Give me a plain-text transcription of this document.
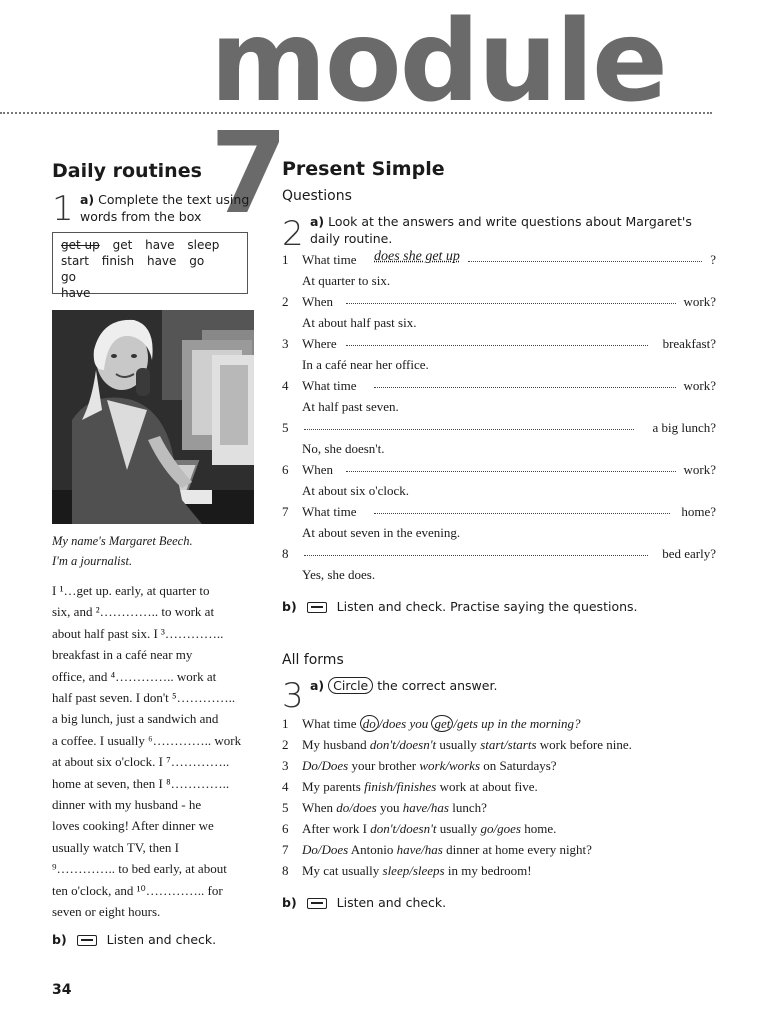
module 7
Daily routines
1 a) Complete the text using words from the box
get up get have sleep
start finish have go go
have
My name's Margaret Beech.
I'm a journalist.
I ¹…get up. early, at quarter to
six, and ²………….. to work at
about half past six. I ³…………..
breakfast in a café near my
office, and ⁴………….. work at
half past seven. I don't ⁵…………..
a big lunch, just a sandwich and
a coffee. I usually ⁶………….. work
at about six o'clock. I ⁷…………..
home at seven, then I ⁸…………..
dinner with my husband - he
loves cooking! After dinner we
usually watch TV, then I
⁹………….. to bed early, at about
ten o'clock, and ¹⁰………….. for
seven or eight hours.
b)	Listen and check.
34
Present Simple
Questions
2 a) Look at the answers and write questions about Margaret's daily routine.
1	What time does she get up	?
At quarter to six.
2	When	work?
At about half past six.
3	Where	breakfast?
In a café near her office.
4	What time	work?
At half past seven.
5	a big lunch?
No, she doesn't.
6	When	work?
At about six o'clock.
7	What time	home?
At about seven in the evening.
8	bed early?
Yes, she does.
b)	Listen and check. Practise saying the questions.
All forms
3 a) Circle the correct answer.
1 What time do /does you get /gets up in the morning?
2 My husband don't/doesn't usually start/starts work before nine.
3 Do/Does your brother work/works on Saturdays?
4 My parents finish/finishes work at about five.
5 When do/does you have/has lunch?
6 After work I don't/doesn't usually go/goes home.
7 Do/Does Antonio have/has dinner at home every night?
8 My cat usually sleep/sleeps in my bedroom!
b)	Listen and check.
